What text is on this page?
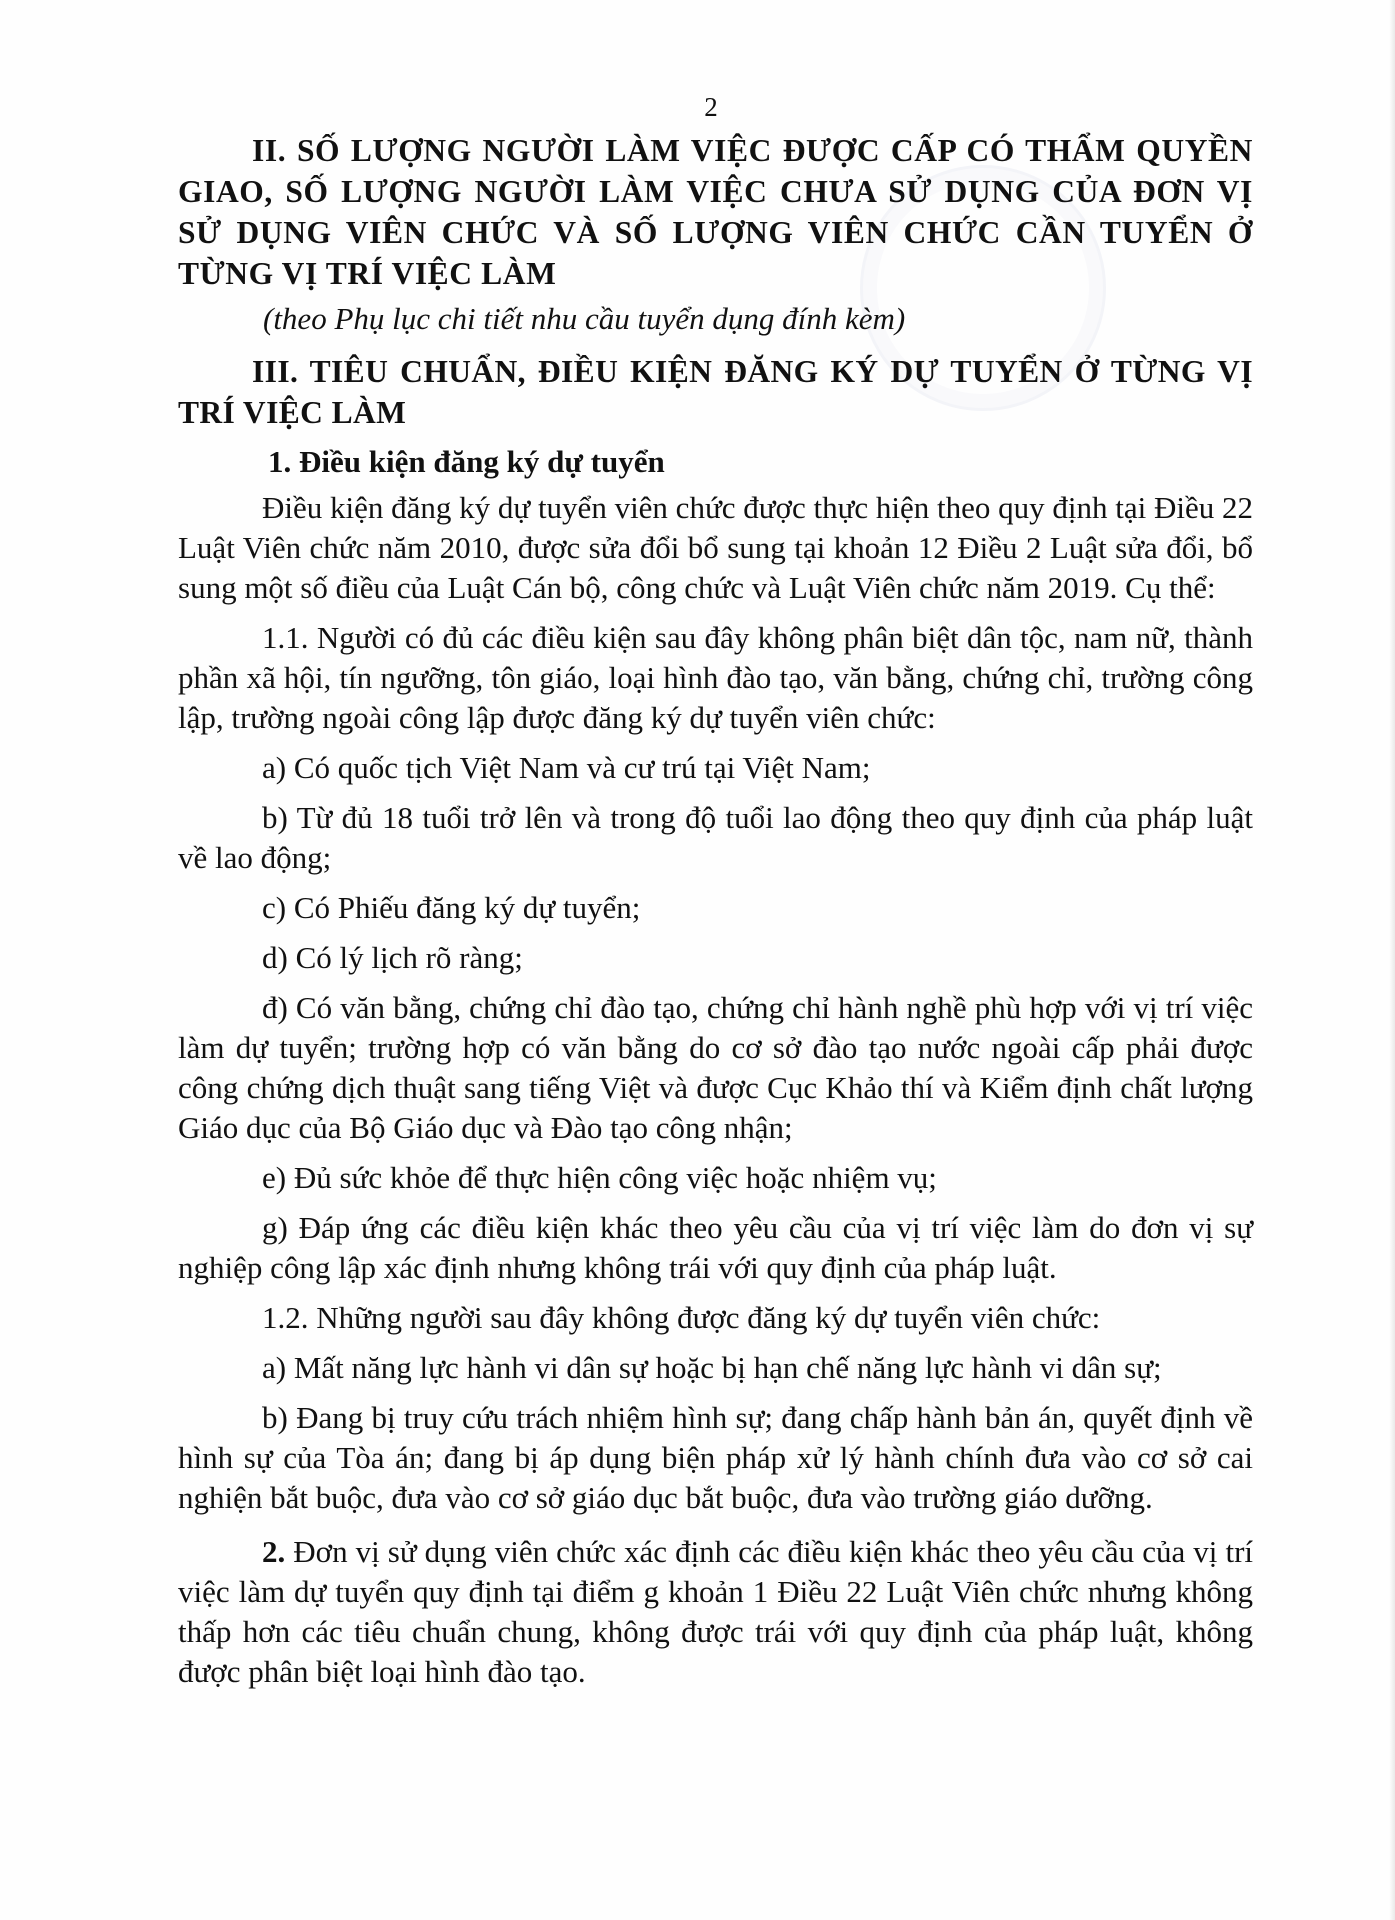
2

II. SỐ LƯỢNG NGƯỜI LÀM VIỆC ĐƯỢC CẤP CÓ THẨM QUYỀN GIAO, SỐ LƯỢNG NGƯỜI LÀM VIỆC CHƯA SỬ DỤNG CỦA ĐƠN VỊ SỬ DỤNG VIÊN CHỨC VÀ SỐ LƯỢNG VIÊN CHỨC CẦN TUYỂN Ở TỪNG VỊ TRÍ VIỆC LÀM

(theo Phụ lục chi tiết nhu cầu tuyển dụng đính kèm)

III. TIÊU CHUẨN, ĐIỀU KIỆN ĐĂNG KÝ DỰ TUYỂN Ở TỪNG VỊ TRÍ VIỆC LÀM

1. Điều kiện đăng ký dự tuyển

Điều kiện đăng ký dự tuyển viên chức được thực hiện theo quy định tại Điều 22 Luật Viên chức năm 2010, được sửa đổi bổ sung tại khoản 12 Điều 2 Luật sửa đổi, bổ sung một số điều của Luật Cán bộ, công chức và Luật Viên chức năm 2019. Cụ thể:

1.1. Người có đủ các điều kiện sau đây không phân biệt dân tộc, nam nữ, thành phần xã hội, tín ngưỡng, tôn giáo, loại hình đào tạo, văn bằng, chứng chỉ, trường công lập, trường ngoài công lập được đăng ký dự tuyển viên chức:

a) Có quốc tịch Việt Nam và cư trú tại Việt Nam;

b) Từ đủ 18 tuổi trở lên và trong độ tuổi lao động theo quy định của pháp luật về lao động;

c) Có Phiếu đăng ký dự tuyển;

d) Có lý lịch rõ ràng;

đ) Có văn bằng, chứng chỉ đào tạo, chứng chỉ hành nghề phù hợp với vị trí việc làm dự tuyển; trường hợp có văn bằng do cơ sở đào tạo nước ngoài cấp phải được công chứng dịch thuật sang tiếng Việt và được Cục Khảo thí và Kiểm định chất lượng Giáo dục của Bộ Giáo dục và Đào tạo công nhận;

e) Đủ sức khỏe để thực hiện công việc hoặc nhiệm vụ;

g) Đáp ứng các điều kiện khác theo yêu cầu của vị trí việc làm do đơn vị sự nghiệp công lập xác định nhưng không trái với quy định của pháp luật.

1.2. Những người sau đây không được đăng ký dự tuyển viên chức:

a) Mất năng lực hành vi dân sự hoặc bị hạn chế năng lực hành vi dân sự;

b) Đang bị truy cứu trách nhiệm hình sự; đang chấp hành bản án, quyết định về hình sự của Tòa án; đang bị áp dụng biện pháp xử lý hành chính đưa vào cơ sở cai nghiện bắt buộc, đưa vào cơ sở giáo dục bắt buộc, đưa vào trường giáo dưỡng.

2. Đơn vị sử dụng viên chức xác định các điều kiện khác theo yêu cầu của vị trí việc làm dự tuyển quy định tại điểm g khoản 1 Điều 22 Luật Viên chức nhưng không thấp hơn các tiêu chuẩn chung, không được trái với quy định của pháp luật, không được phân biệt loại hình đào tạo.
